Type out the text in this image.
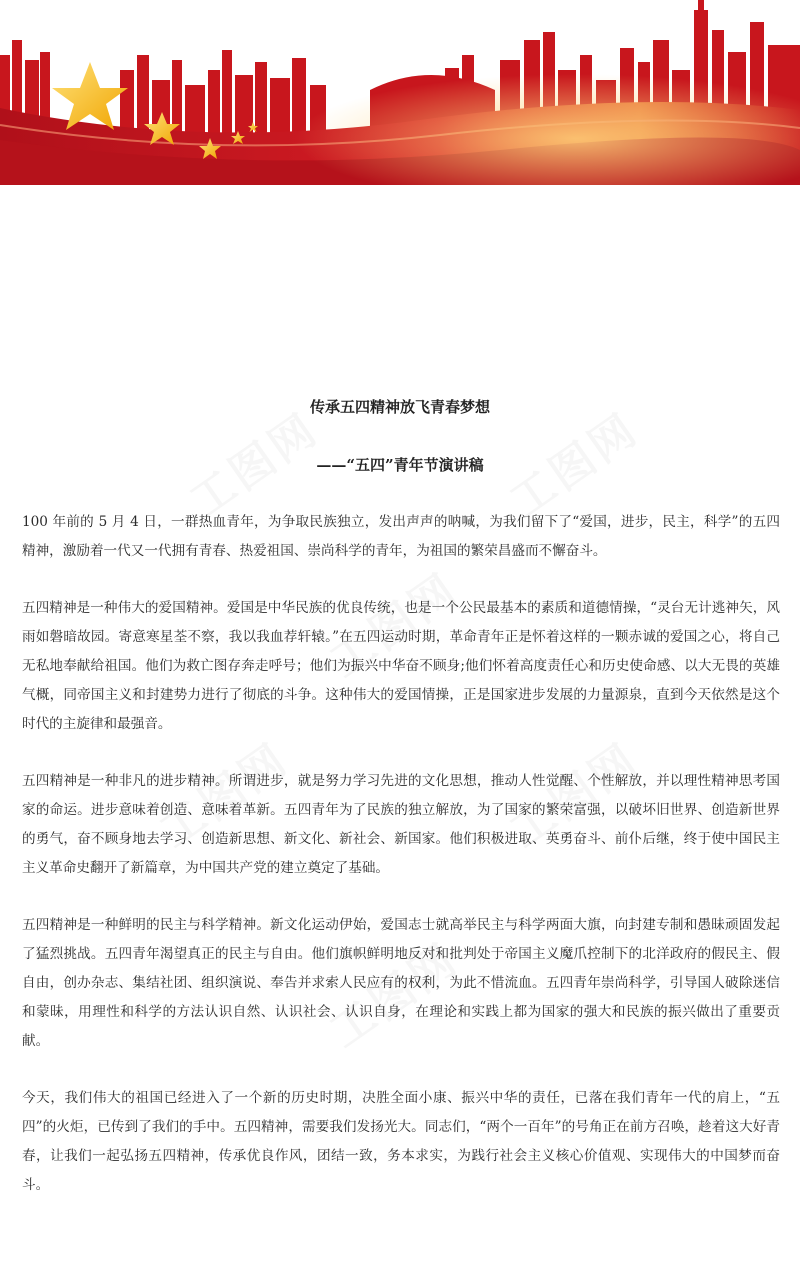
传承五四精神放飞青春梦想
——“五四”青年节演讲稿

100 年前的 5 月 4 日，一群热血青年，为争取民族独立，发出声声的呐喊，为我们留下了“爱国，进步，民主，科学”的五四精神，激励着一代又一代拥有青春、热爱祖国、崇尚科学的青年，为祖国的繁荣昌盛而不懈奋斗。

五四精神是一种伟大的爱国精神。爱国是中华民族的优良传统，也是一个公民最基本的素质和道德情操，“灵台无计逃神矢，风雨如磐暗故园。寄意寒星荃不察，我以我血荐轩辕。”在五四运动时期，革命青年正是怀着这样的一颗赤诚的爱国之心，将自己无私地奉献给祖国。他们为救亡图存奔走呼号；他们为振兴中华奋不顾身;他们怀着高度责任心和历史使命感、以大无畏的英雄气概，同帝国主义和封建势力进行了彻底的斗争。这种伟大的爱国情操，正是国家进步发展的力量源泉，直到今天依然是这个时代的主旋律和最强音。

五四精神是一种非凡的进步精神。所谓进步，就是努力学习先进的文化思想，推动人性觉醒、个性解放，并以理性精神思考国家的命运。进步意味着创造、意味着革新。五四青年为了民族的独立解放，为了国家的繁荣富强，以破坏旧世界、创造新世界的勇气，奋不顾身地去学习、创造新思想、新文化、新社会、新国家。他们积极进取、英勇奋斗、前仆后继，终于使中国民主主义革命史翻开了新篇章，为中国共产党的建立奠定了基础。

五四精神是一种鲜明的民主与科学精神。新文化运动伊始，爱国志士就高举民主与科学两面大旗，向封建专制和愚昧顽固发起了猛烈挑战。五四青年渴望真正的民主与自由。他们旗帜鲜明地反对和批判处于帝国主义魔爪控制下的北洋政府的假民主、假自由，创办杂志、集结社团、组织演说、奉告并求索人民应有的权利，为此不惜流血。五四青年崇尚科学，引导国人破除迷信和蒙昧，用理性和科学的方法认识自然、认识社会、认识自身，在理论和实践上都为国家的强大和民族的振兴做出了重要贡献。

今天，我们伟大的祖国已经进入了一个新的历史时期，决胜全面小康、振兴中华的责任，已落在我们青年一代的肩上，“五四”的火炬，已传到了我们的手中。五四精神，需要我们发扬光大。同志们，“两个一百年”的号角正在前方召唤，趁着这大好青春，让我们一起弘扬五四精神，传承优良作风，团结一致，务本求实，为践行社会主义核心价值观、实现伟大的中国梦而奋斗。
